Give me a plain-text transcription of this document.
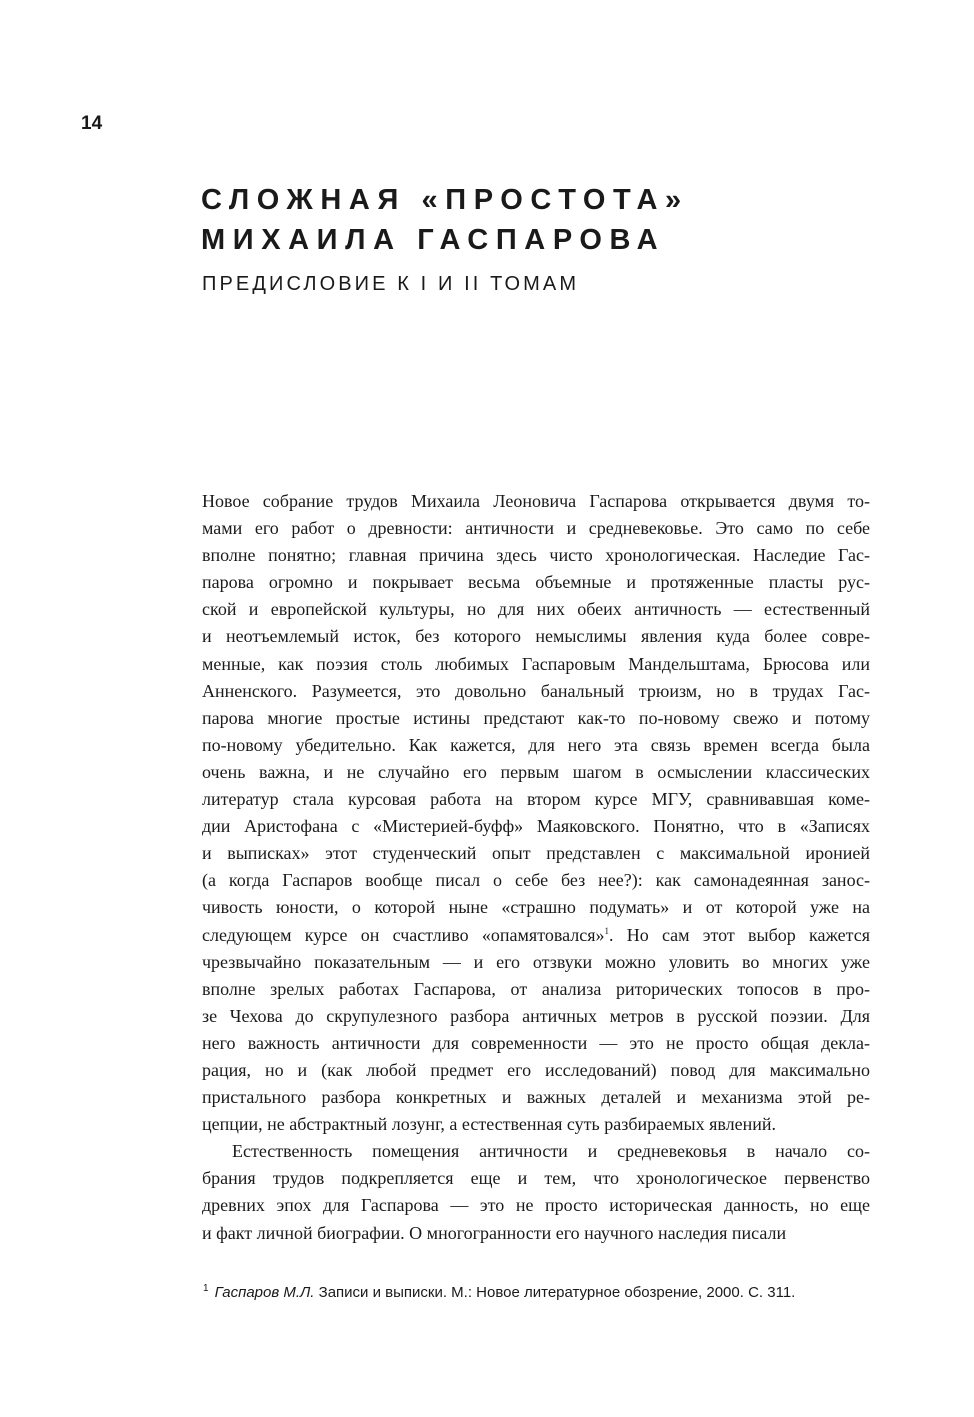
14
СЛОЖНАЯ «ПРОСТОТА»
МИХАИЛА ГАСПАРОВА
ПРЕДИСЛОВИЕ К I И II ТОМАМ
Новое собрание трудов Михаила Леоновича Гаспарова открывается двумя то-
мами его работ о древности: античности и средневековье. Это само по себе
вполне понятно; главная причина здесь чисто хронологическая. Наследие Гас-
парова огромно и покрывает весьма объемные и протяженные пласты рус-
ской и европейской культуры, но для них обеих античность — естественный
и неотъемлемый исток, без которого немыслимы явления куда более совре-
менные, как поэзия столь любимых Гаспаровым Мандельштама, Брюсова или
Анненского. Разумеется, это довольно банальный трюизм, но в трудах Гас-
парова многие простые истины предстают как-то по-новому свежо и потому
по-новому убедительно. Как кажется, для него эта связь времен всегда была
очень важна, и не случайно его первым шагом в осмыслении классических
литератур стала курсовая работа на втором курсе МГУ, сравнивавшая коме-
дии Аристофана с «Мистерией-буфф» Маяковского. Понятно, что в «Записях
и выписках» этот студенческий опыт представлен с максимальной иронией
(а когда Гаспаров вообще писал о себе без нее?): как самонадеянная занос-
чивость юности, о которой ныне «страшно подумать» и от которой уже на
следующем курсе он счастливо «опамятовался»$^1$. Но сам этот выбор кажется
чрезвычайно показательным — и его отзвуки можно уловить во многих уже
вполне зрелых работах Гаспарова, от анализа риторических топосов в про-
зе Чехова до скрупулезного разбора античных метров в русской поэзии. Для
него важность античности для современности — это не просто общая декла-
рация, но и (как любой предмет его исследований) повод для максимально
пристального разбора конкретных и важных деталей и механизма этой ре-
цепции, не абстрактный лозунг, а естественная суть разбираемых явлений.
Естественность помещения античности и средневековья в начало со-
брания трудов подкрепляется еще и тем, что хронологическое первенство
древних эпох для Гаспарова — это не просто историческая данность, но еще
и факт личной биографии. О многогранности его научного наследия писали
$^1$ Гаспаров М.Л. Записи и выписки. М.: Новое литературное обозрение, 2000. С. 311.
